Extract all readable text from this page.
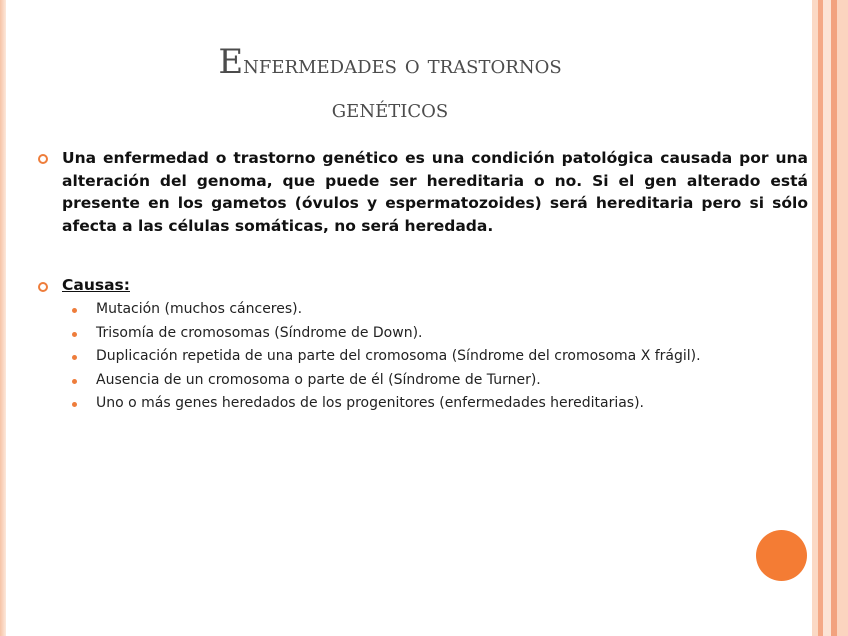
Enfermedades o trastornos
genéticos

Una enfermedad o trastorno genético es una condición patológica causada por una alteración del genoma, que puede ser hereditaria o no. Si el gen alterado está presente en los gametos (óvulos y espermatozoides) será hereditaria pero si sólo afecta a las células somáticas, no será heredada.

Causas:

Mutación (muchos cánceres).
Trisomía de cromosomas (Síndrome de Down).
Duplicación repetida de una parte del cromosoma (Síndrome del cromosoma X frágil).
Ausencia de un cromosoma o parte de él (Síndrome de Turner).
Uno o más genes heredados de los progenitores (enfermedades hereditarias).
